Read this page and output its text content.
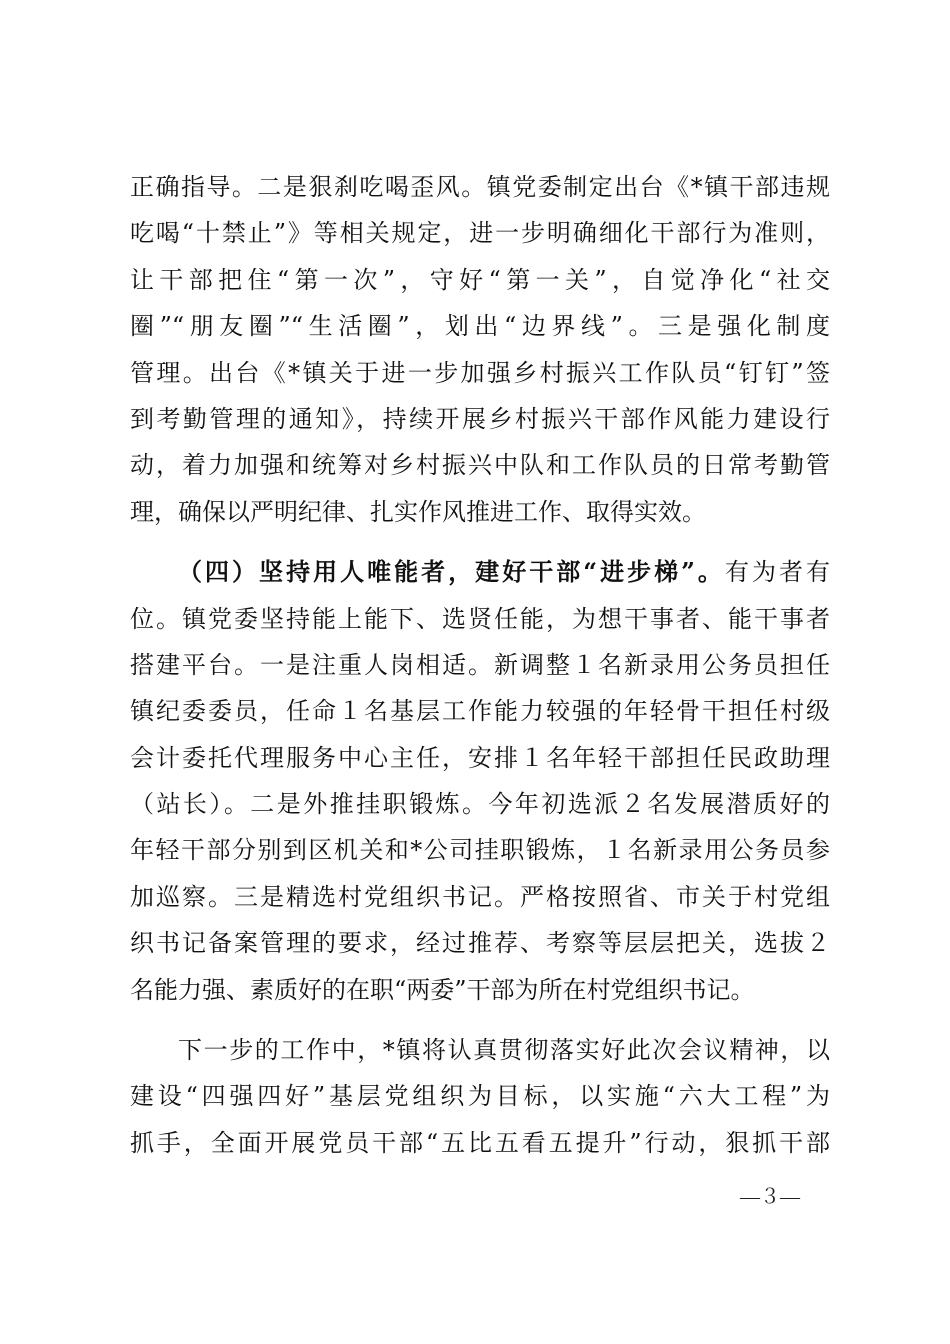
正确指导。二是狠刹吃喝歪风。镇党委制定出台《*镇干部违规
吃喝“十禁止”》等相关规定，进一步明确细化干部行为准则，
让干部把住“第一次”，守好“第一关”，自觉净化“社交
圈”“朋友圈”“生活圈”，划出“边界线”。三是强化制度
管理。出台《*镇关于进一步加强乡村振兴工作队员“钉钉”签
到考勤管理的通知》，持续开展乡村振兴干部作风能力建设行
动，着力加强和统筹对乡村振兴中队和工作队员的日常考勤管
理，确保以严明纪律、扎实作风推进工作、取得实效。
（四）坚持用人唯能者，建好干部“进步梯”。有为者有
位。镇党委坚持能上能下、选贤任能，为想干事者、能干事者
搭建平台。一是注重人岗相适。新调整１名新录用公务员担任
镇纪委委员，任命１名基层工作能力较强的年轻骨干担任村级
会计委托代理服务中心主任，安排１名年轻干部担任民政助理
（站长）。二是外推挂职锻炼。今年初选派２名发展潜质好的
年轻干部分别到区机关和*公司挂职锻炼，１名新录用公务员参
加巡察。三是精选村党组织书记。严格按照省、市关于村党组
织书记备案管理的要求，经过推荐、考察等层层把关，选拔２
名能力强、素质好的在职“两委”干部为所在村党组织书记。
下一步的工作中，*镇将认真贯彻落实好此次会议精神，以
建设“四强四好”基层党组织为目标，以实施“六大工程”为
抓手，全面开展党员干部“五比五看五提升”行动，狠抓干部
—３—
